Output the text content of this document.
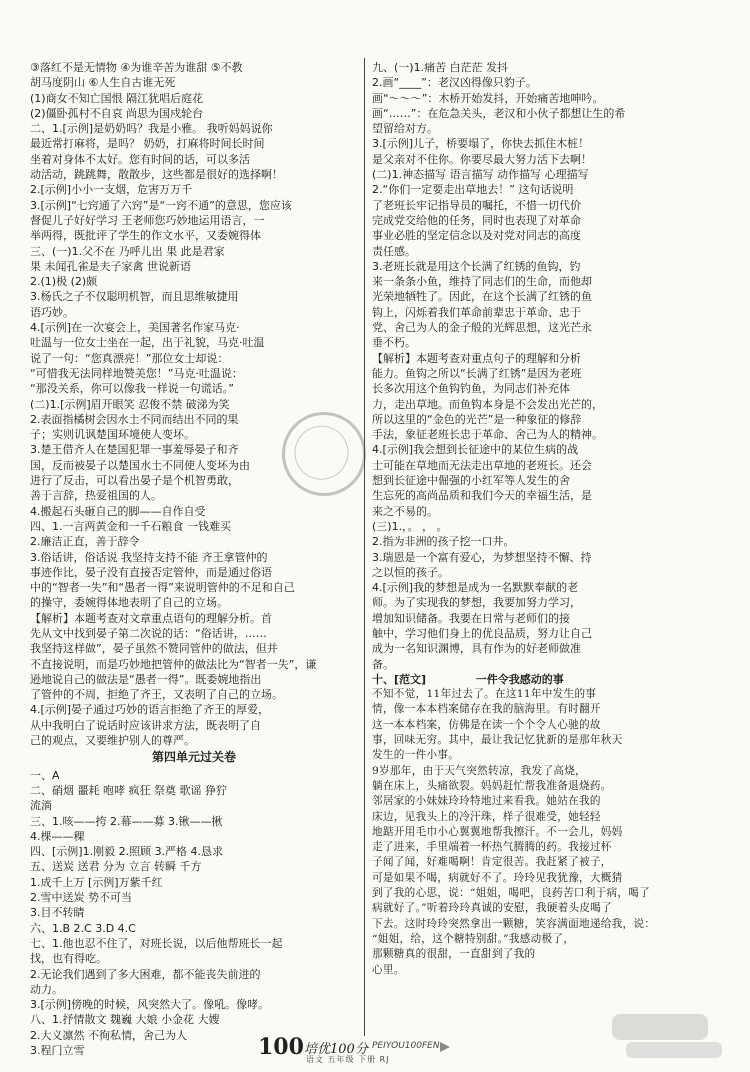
③落红不是无情物 ④为谁辛苦为谁甜 ⑤不教
胡马度阴山 ⑥人生自古谁无死
(1)商女不知亡国恨 隔江犹唱后庭花
(2)僵卧孤村不自哀 尚思为国戍轮台
二、1.[示例]是奶奶吗？我是小雅。 我听妈妈说你
最近常打麻将，是吗？ 奶奶，打麻将时间长时间
坐着对身体不太好。您有时间的话，可以多活
动活动，跳跳舞，散散步，这些都是很好的选择啊！
2.[示例]小小一支烟，危害万万千
3.[示例]“七窍通了六窍”是“一窍不通”的意思，您应该
督促儿子好好学习 王老师您巧妙地运用语言，一
举两得，既批评了学生的作文水平，又委婉得体
三、(一)1.父不在 乃呼儿出 果 此是君家
果 未闻孔雀是夫子家禽 世说新语
2.(1)极 (2)颇
3.杨氏之子不仅聪明机智，而且思维敏捷用
语巧妙。
4.[示例]在一次宴会上，美国著名作家马克·
吐温与一位女士坐在一起，出于礼貌，马克·吐温
说了一句：“您真漂亮！”那位女士却说：
“可惜我无法同样地赞美您！”马克·吐温说：
“那没关系，你可以像我一样说一句谎话。”
(二)1.[示例]眉开眼笑 忍俊不禁 破涕为笑
2.表面指橘树会因水土不同而结出不同的果
子；实则讥讽楚国环境使人变坏。
3.楚王借齐人在楚国犯罪一事羞辱晏子和齐
国，反而被晏子以楚国水土不同使人变坏为由
进行了反击，可以看出晏子是个机智勇敢，
善于言辞，热爱祖国的人。
4.搬起石头砸自己的脚——自作自受
四、1.一言两黄金和一千石粮食 一钱难买
2.廉洁正直，善于辞令
3.俗话讲，俗话说 我坚持支持不能 齐王拿管仲的
事迹作比，晏子没有直接否定管仲，而是通过俗语
中的“智者一失”和“愚者一得”来说明管仲的不足和自己
的操守，委婉得体地表明了自己的立场。
【解析】本题考查对文章重点语句的理解分析。首
先从文中找到晏子第二次说的话：“俗话讲，……
我坚持这样做”，晏子虽然不赞同管仲的做法，但并
不直接说明，而是巧妙地把管仲的做法比为“智者一失”，谦
逊地说自己的做法是“愚者一得”。既委婉地指出
了管仲的不周，拒绝了齐王，又表明了自己的立场。
4.[示例]晏子通过巧妙的语言拒绝了齐王的厚爱，
从中我明白了说话时应该讲求方法，既表明了自
己的观点，又要维护别人的尊严。
第四单元过关卷
一、A
二、硝烟 噩耗 咆哮 疯狂 祭奠 歌谣 狰狞
流淌
三、1.咳——挎 2.幕——募 3.锹——揪
4.棵——稞
四、[示例]1.刚毅 2.照顾 3.严格 4.恳求
五、送炭 送君 分为 立言 转瞬 千方
1.成千上万 [示例]万紫千红
2.雪中送炭 势不可当
3.目不转睛
六、1.B 2.C 3.D 4.C
七、1.他也忍不住了，对班长说，以后他帮班长一起
找，也有得吃。
2.无论我们遇到了多大困难，都不能丧失前进的
动力。
3.[示例]傍晚的时候，风突然大了。像吼。像哮。
八、1.抒情散文 魏巍 大娘 小金花 大嫂
2.大义凛然 不徇私情，舍己为人
3.程门立雪
九、(一)1.痛苦 白茫茫 发抖
2.画“____”：老汉凶得像只豹子。
画“～～～”：木桥开始发抖，开始痛苦地呻吟。
画“……”：在危急关头，老汉和小伙子都想让生的希
望留给对方。
3.[示例]儿子，桥要塌了，你快去抓住木桩！
是父亲对不住你。你要尽最大努力活下去啊！
(二)1.神态描写 语言描写 动作描写 心理描写
2.“你们一定要走出草地去！” 这句话说明
了老班长牢记指导员的嘱托，不惜一切代价
完成党交给他的任务，同时也表现了对革命
事业必胜的坚定信念以及对党对同志的高度
责任感。
3.老班长就是用这个长满了红锈的鱼钩，钓
来一条条小鱼，维持了同志们的生命，而他却
光荣地牺牲了。因此，在这个长满了红锈的鱼
钩上，闪烁着我们革命前辈忠于革命、忠于
党、舍己为人的金子般的光辉思想，这光芒永
垂不朽。
【解析】本题考查对重点句子的理解和分析
能力。鱼钩之所以“长满了红锈”是因为老班
长多次用这个鱼钩钓鱼，为同志们补充体
力，走出草地。而鱼钩本身是不会发出光芒的，
所以这里的“金色的光芒”是一种象征的修辞
手法，象征老班长忠于革命、舍己为人的精神。
4.[示例]我会想到长征途中的某位生病的战
士可能在草地而无法走出草地的老班长。还会
想到长征途中倔强的小红军等人发生的舍
生忘死的高尚品质和我们今天的幸福生活，是
来之不易的。
(三)1.，。 ， 。
2.指为非洲的孩子挖一口井。
3.瑞恩是一个富有爱心，为梦想坚持不懈、持
之以恒的孩子。
4.[示例]我的梦想是成为一名默默奉献的老
师。为了实现我的梦想，我要加努力学习，
增加知识储备。我要在日常与老师们的接
触中，学习他们身上的优良品质，努力让自己
成为一名知识渊博，具有作为的好老师做准
备。
十、[范文]	一件令我感动的事
不知不觉，11年过去了。在这11年中发生的事
情，像一本本档案储存在我的脑海里。有时翻开
这一本本档案，仿佛是在读一个个令人心驰的故
事，回味无穷。其中，最让我记忆犹新的是那年秋天
发生的一件小事。
9岁那年，由于天气突然转凉，我发了高烧，
躺在床上，头痛欲裂。妈妈赶忙帮我准备退烧药。
邻居家的小妹妹玲玲特地过来看我。她站在我的
床边，见我头上的冷汗珠，样子很难受，她轻轻
地踮开用毛巾小心翼翼地帮我擦汗。不一会儿，妈妈
走了进来，手里端着一杯热气腾腾的药。我接过杯
子闻了闻，好难喝啊！肯定很苦。我赶紧了被子，
可是如果不喝，病就好不了。玲玲见我犹豫，大概猜
到了我的心思，说：“姐姐，喝吧，良药苦口利于病，喝了
病就好了。”听着玲玲真诚的安慰，我硬着头皮喝了
下去。这时玲玲突然拿出一颗糖，笑容满面地递给我，说：
“姐姐，给，这个糖特别甜。”我感动极了，
那颗糖真的很甜，一直甜到了我的
心里。
100 培优100分 PEIYOU100FEN
语文 五年级 下册 RJ
